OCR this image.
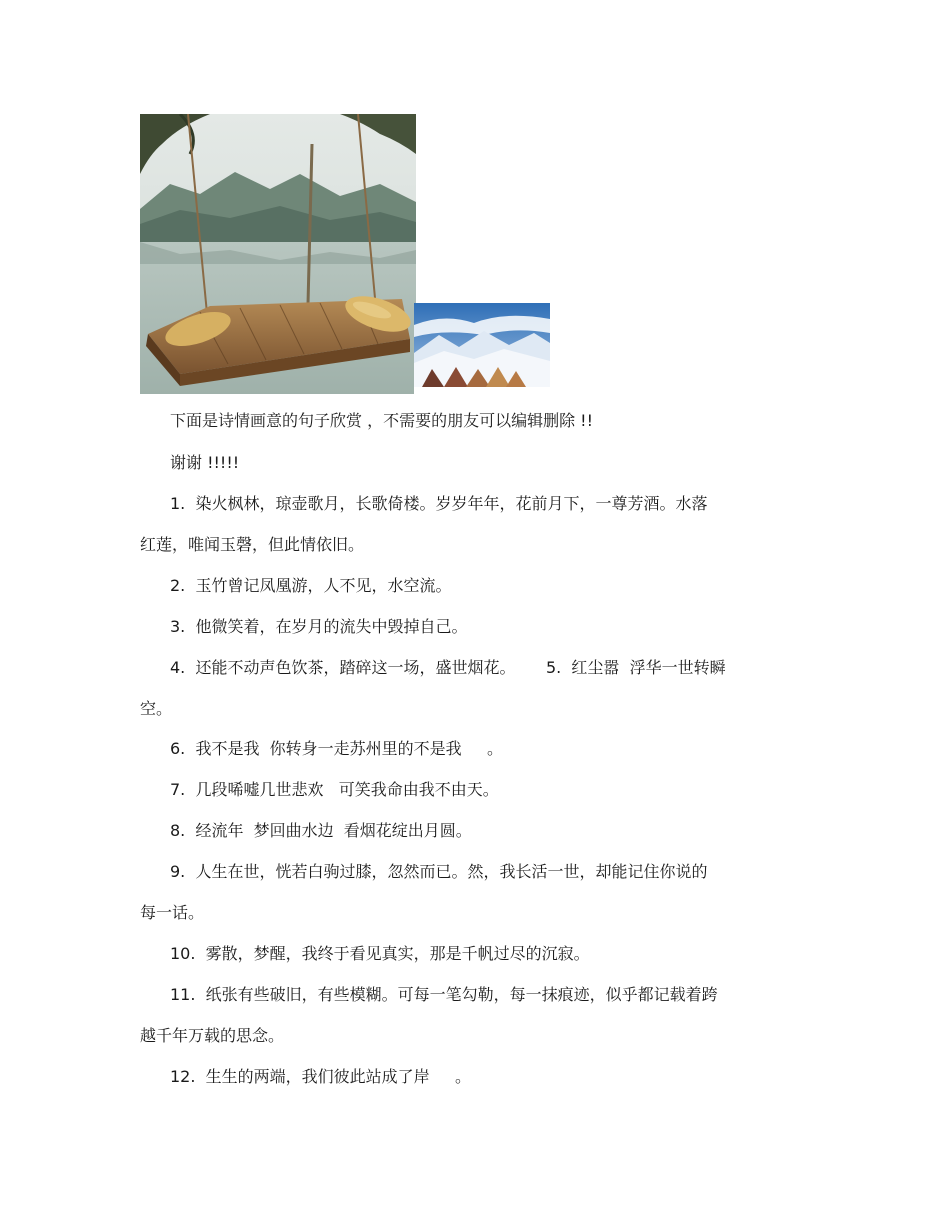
下面是诗情画意的句子欣赏 ，不需要的朋友可以编辑删除 !!

谢谢 !!!!!

1.  染火枫林，琼壶歌月，长歌倚楼。岁岁年年，花前月下，一尊芳酒。水落

红莲，唯闻玉磬，但此情依旧。

2.  玉竹曾记凤凰游，人不见，水空流。

3.  他微笑着，在岁月的流失中毁掉自己。

4.  还能不动声色饮茶，踏碎这一场，盛世烟花。      5.  红尘嚣  浮华一世转瞬

空。

6.  我不是我  你转身一走苏州里的不是我     。

7.  几段唏嘘几世悲欢   可笑我命由我不由天。

8.  经流年  梦回曲水边  看烟花绽出月圆。

9.  人生在世，恍若白驹过膝，忽然而已。然，我长活一世，却能记住你说的

每一话。

10.  雾散，梦醒，我终于看见真实，那是千帆过尽的沉寂。

11.  纸张有些破旧，有些模糊。可每一笔勾勒，每一抹痕迹，似乎都记载着跨

越千年万载的思念。

12.  生生的两端，我们彼此站成了岸     。
